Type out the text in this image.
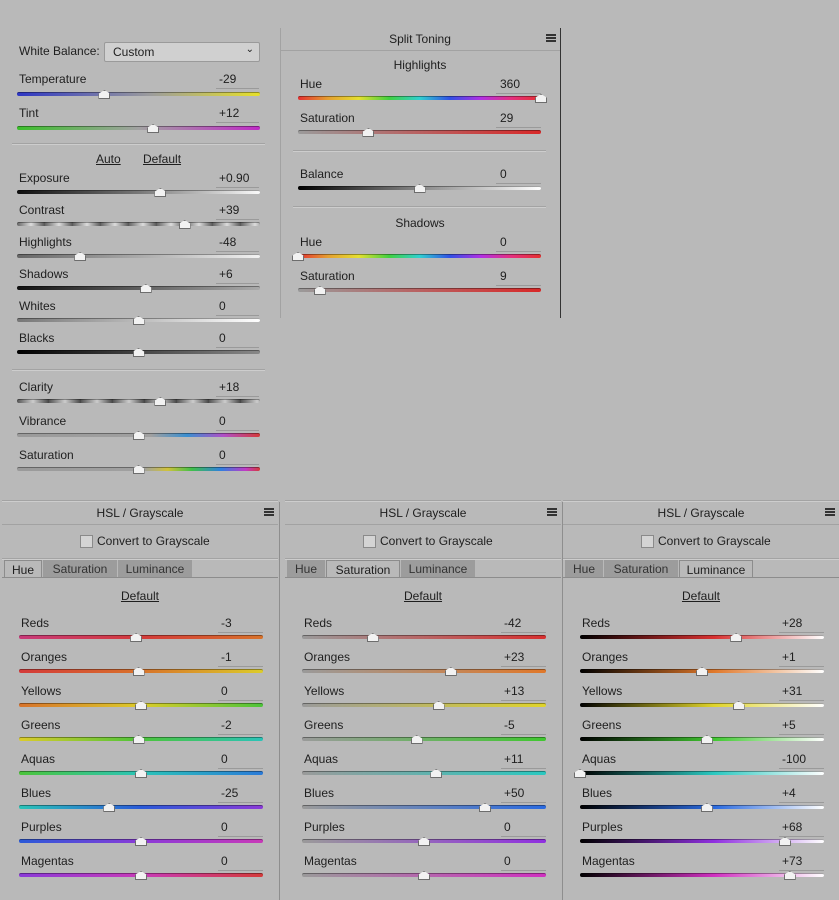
White Balance: Custom	⌄
Temperature	-29
Tint	+12
Auto Default
Exposure	+0.90
Contrast	+39
Highlights	-48
Shadows	+6
Whites	0
Blacks	0
Clarity	+18
Vibrance	0
Saturation	0
Split Toning
Highlights
Hue	360
Saturation	29
Balance	0
Shadows
Hue	0
Saturation	9
HSL / Grayscale
Convert to Grayscale
Hue	Saturation	Luminance
Default
Reds	-3
Oranges	-1
Yellows	0
Greens	-2
Aquas	0
Blues	-25
Purples	0
Magentas	0
HSL / Grayscale
Convert to Grayscale
Hue	Saturation	Luminance
Default
Reds	-42
Oranges	+23
Yellows	+13
Greens	-5
Aquas	+11
Blues	+50
Purples	0
Magentas	0
HSL / Grayscale
Convert to Grayscale
Hue	Saturation	Luminance
Default
Reds	+28
Oranges	+1
Yellows	+31
Greens	+5
Aquas	-100
Blues	+4
Purples	+68
Magentas	+73
